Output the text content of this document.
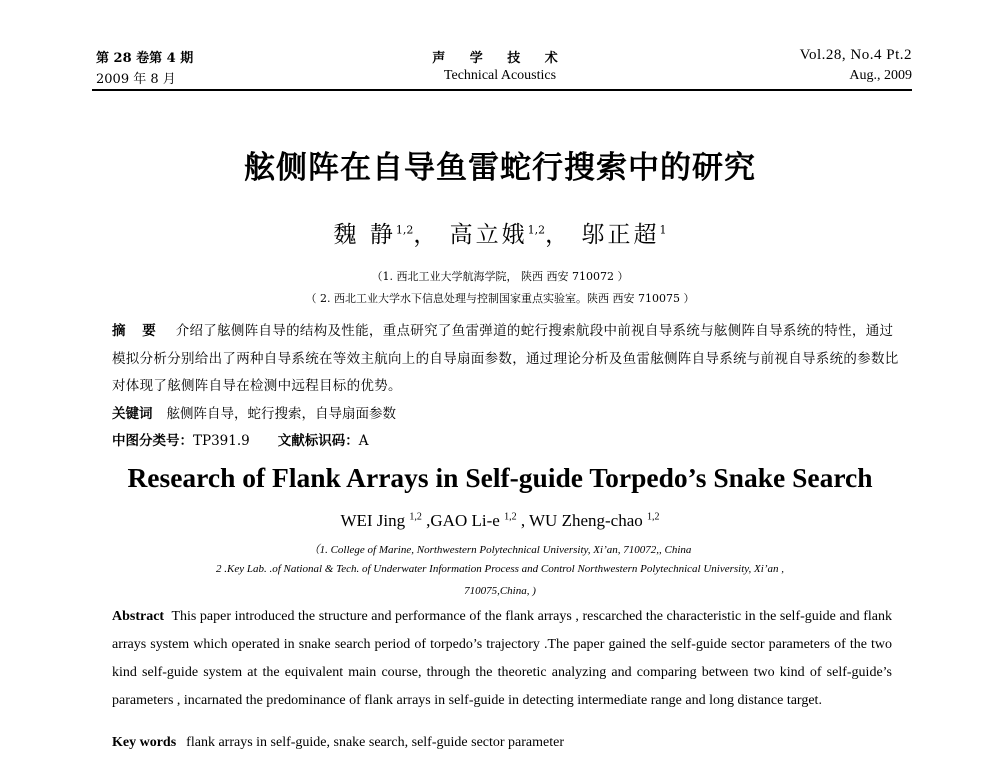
第 28 卷第 4 期
2009 年 8 月
声 学 技 术
Technical Acoustics
Vol.28, No.4 Pt.2
Aug., 2009
舷侧阵在自导鱼雷蛇行搜索中的研究
魏 静$^{1,2}$， 高立娥$^{1,2}$， 邬正超$^1$
（1. 西北工业大学航海学院， 陕西 西安 710072 ）
（ 2. 西北工业大学水下信息处理与控制国家重点实验室。陕西 西安 710075 ）
摘 要 介绍了舷侧阵自导的结构及性能，重点研究了鱼雷弹道的蛇行搜索航段中前视自导系统与舷侧阵自导系统的特性，通过模拟分析分别给出了两种自导系统在等效主航向上的自导扇面参数，通过理论分析及鱼雷舷侧阵自导系统与前视自导系统的参数比对体现了舷侧阵自导在检测中远程目标的优势。
关键词 舷侧阵自导，蛇行搜索，自导扇面参数
中图分类号：TP391.9 文献标识码：A
Research of Flank Arrays in Self-guide Torpedo’s Snake Search
WEI Jing $^{1,2}$ ,GAO Li-e $^{1,2}$ , WU Zheng-chao $^{1,2}$
（1. College of Marine, Northwestern Polytechnical University, Xi’an, 710072,, China
2 .Key Lab. .of National & Tech. of Underwater Information Process and Control Northwestern Polytechnical University, Xi’an ,
710075,China, )
Abstract This paper introduced the structure and performance of the flank arrays , rescarched the characteristic in the self-guide and flank arrays system which operated in snake search period of torpedo’s trajectory .The paper gained the self-guide sector parameters of the two kind self-guide system at the equivalent main course, through the theoretic analyzing and comparing between two kind of self-guide’s parameters , incarnated the predominance of flank arrays in self-guide in detecting intermediate range and long distance target.
Key words flank arrays in self-guide, snake search, self-guide sector parameter
